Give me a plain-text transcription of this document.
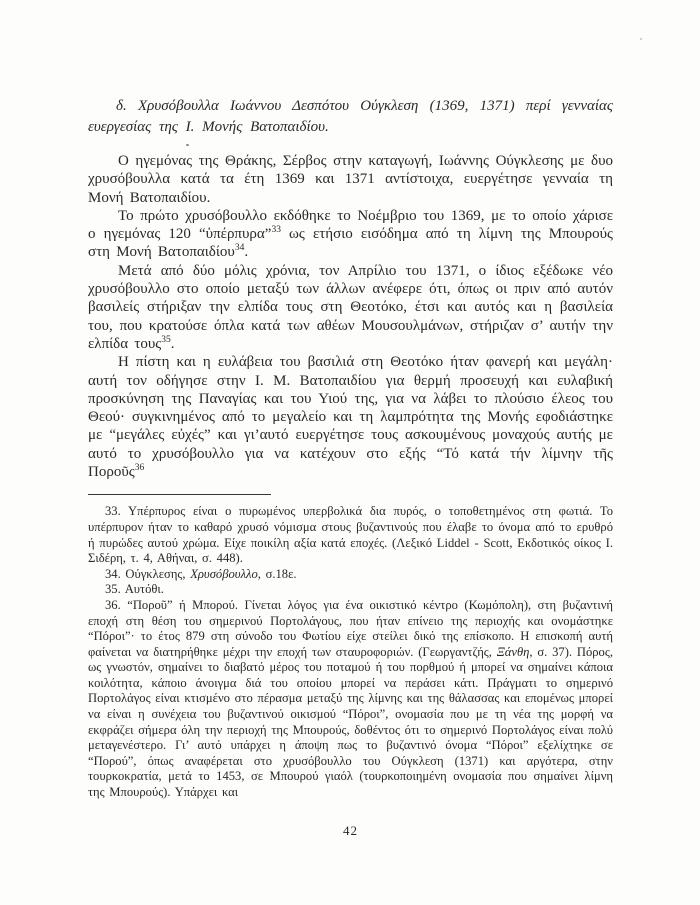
δ. Χρυσόβουλλα Ιωάννου Δεσπότου Ούγκλεση (1369, 1371) περί γενναίας ευεργεσίας της Ι. Μονής Βατοπαιδίου.

Ο ηγεμόνας της Θράκης, Σέρβος στην καταγωγή, Ιωάννης Ούγκλεσης με δυο χρυσόβουλλα κατά τα έτη 1369 και 1371 αντίστοιχα, ευεργέτησε γενναία τη Μονή Βατοπαιδίου.

Το πρώτο χρυσόβουλλο εκδόθηκε το Νοέμβριο του 1369, με το οποίο χάρισε ο ηγεμόνας 120 “ὑπέρπυρα”$^{33}$ ως ετήσιο εισόδημα από τη λίμνη της Μπουρούς στη Μονή Βατοπαιδίου$^{34}$.

Μετά από δύο μόλις χρόνια, τον Απρίλιο του 1371, ο ίδιος εξέδωκε νέο χρυσόβουλλο στο οποίο μεταξύ των άλλων ανέφερε ότι, όπως οι πριν από αυτόν βασιλείς στήριξαν την ελπίδα τους στη Θεοτόκο, έτσι και αυτός και η βασιλεία του, που κρατούσε όπλα κατά των αθέων Μουσουλμάνων, στήριζαν σ’ αυτήν την ελπίδα τους$^{35}$.

Η πίστη και η ευλάβεια του βασιλιά στη Θεοτόκο ήταν φανερή και μεγάλη· αυτή τον οδήγησε στην Ι. Μ. Βατοπαιδίου για θερμή προσευχή και ευλαβική προσκύνηση της Παναγίας και του Υιού της, για να λάβει το πλούσιο έλεος του Θεού· συγκινημένος από το μεγαλείο και τη λαμπρότητα της Μονής εφοδιάστηκε με “μεγάλες εὐχές” και γι’αυτό ευεργέτησε τους ασκουμένους μοναχούς αυτής με αυτό το χρυσόβουλλο για να κατέχουν στο εξής “Τό κατά τήν λίμνην τῆς Ποροῦς$^{36}$

33. Υπέρπυρος είναι ο πυρωμένος υπερβολικά δια πυρός, ο τοποθετημένος στη φωτιά. Το υπέρπυρον ήταν το καθαρό χρυσό νόμισμα στους βυζαντινούς που έλαβε το όνομα από το ερυθρό ή πυρώδες αυτού χρώμα. Είχε ποικίλη αξία κατά εποχές. (Λεξικό Liddel - Scott, Εκδοτικός οίκος Ι. Σιδέρη, τ. 4, Αθήναι, σ. 448).

34. Ούγκλεσης, Χρυσόβουλλο, σ.18ε.

35. Αυτόθι.

36. “Ποροῦ” ή Μπορού. Γίνεται λόγος για ένα οικιστικό κέντρο (Κωμόπολη), στη βυζαντινή εποχή στη θέση του σημερινού Πορτολάγους, που ήταν επίνειο της περιοχής και ονομάστηκε “Πόροι”· το έτος 879 στη σύνοδο του Φωτίου είχε στείλει δικό της επίσκοπο. Η επισκοπή αυτή φαίνεται να διατηρήθηκε μέχρι την εποχή των σταυροφοριών. (Γεωργαντζής, Ξάνθη, σ. 37). Πόρος, ως γνωστόν, σημαίνει το διαβατό μέρος του ποταμού ή του πορθμού ή μπορεί να σημαίνει κάποια κοιλότητα, κάποιο άνοιγμα διά του οποίου μπορεί να περάσει κάτι. Πράγματι το σημερινό Πορτολάγος είναι κτισμένο στο πέρασμα μεταξύ της λίμνης και της θάλασσας και επομένως μπορεί να είναι η συνέχεια του βυζαντινού οικισμού “Πόροι”, ονομασία που με τη νέα της μορφή να εκφράζει σήμερα όλη την περιοχή της Μπουρούς, δοθέντος ότι το σημερινό Πορτολάγος είναι πολύ μεταγενέστερο. Γι’ αυτό υπάρχει η άποψη πως το βυζαντινό όνομα “Πόροι” εξελίχτηκε σε “Πορού”, όπως αναφέρεται στο χρυσόβουλλο του Ούγκλεση (1371) και αργότερα, στην τουρκοκρατία, μετά το 1453, σε Μπουρού γιαόλ (τουρκοποιημένη ονομασία που σημαίνει λίμνη της Μπουρούς). Υπάρχει και

42
